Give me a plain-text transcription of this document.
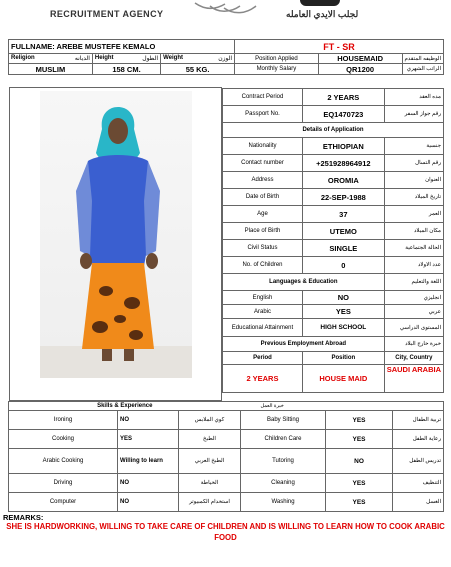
RECRUITMENT AGENCY	لجلب الايدي العامله
FULLNAME: AREBE MUSTEFE KEMALO			FT - SR		
Religion الديانه	Height الطول	Weight الوزن	Position Applied	HOUSEMAID	الوظيفه المتقدم
MUSLIM	158 CM.	55 KG.	Monthly Salary	QR1200	الراتب الشهري
Contract Period	2 YEARS	مده العقد
Passport No.	EQ1470723	رقم جواز السفر
Details of Application		
Nationality	ETHIOPIAN	جنسية
Contact number	+251928964912	رقم التسال
Address	OROMIA	العنوان
Date of Birth	22-SEP-1988	تاريخ الميلاد
Age	37	العمر
Place of Birth	UTEMO	مكان الميلاد
Civil Status	SINGLE	الحالة الجتماعية
No. of Children	0	عدد الاولاد
Languages & Education		اللغة والتعليم
English	NO	انجليزي
Arabic	YES	عربي
Educational Attainment	HIGH SCHOOL	المستوى الدراسي
Previous Employment Abroad		خبرة خارج البلاد
Period	Position	City, Country
2 YEARS	HOUSE MAID	SAUDI ARABIA
Skills & Experience			خبرة العمل		
Ironing	NO	كوي الملابس	Baby Sitting	YES	تربية الطفال
Cooking	YES	الطبخ	Children Care	YES	رعاية الطفل
Arabic Cooking	Willing to learn	الطبخ العربي	Tutoring	NO	تدريس الطفل
Driving	NO	الخياطة	Cleaning	YES	التنظيف
Computer	NO	استخدام الكمبيوتر	Washing	YES	الغسل
REMARKS:
SHE IS HARDWORKING, WILLING TO TAKE CARE OF CHILDREN AND IS WILLING TO LEARN HOW TO COOK ARABIC FOOD
